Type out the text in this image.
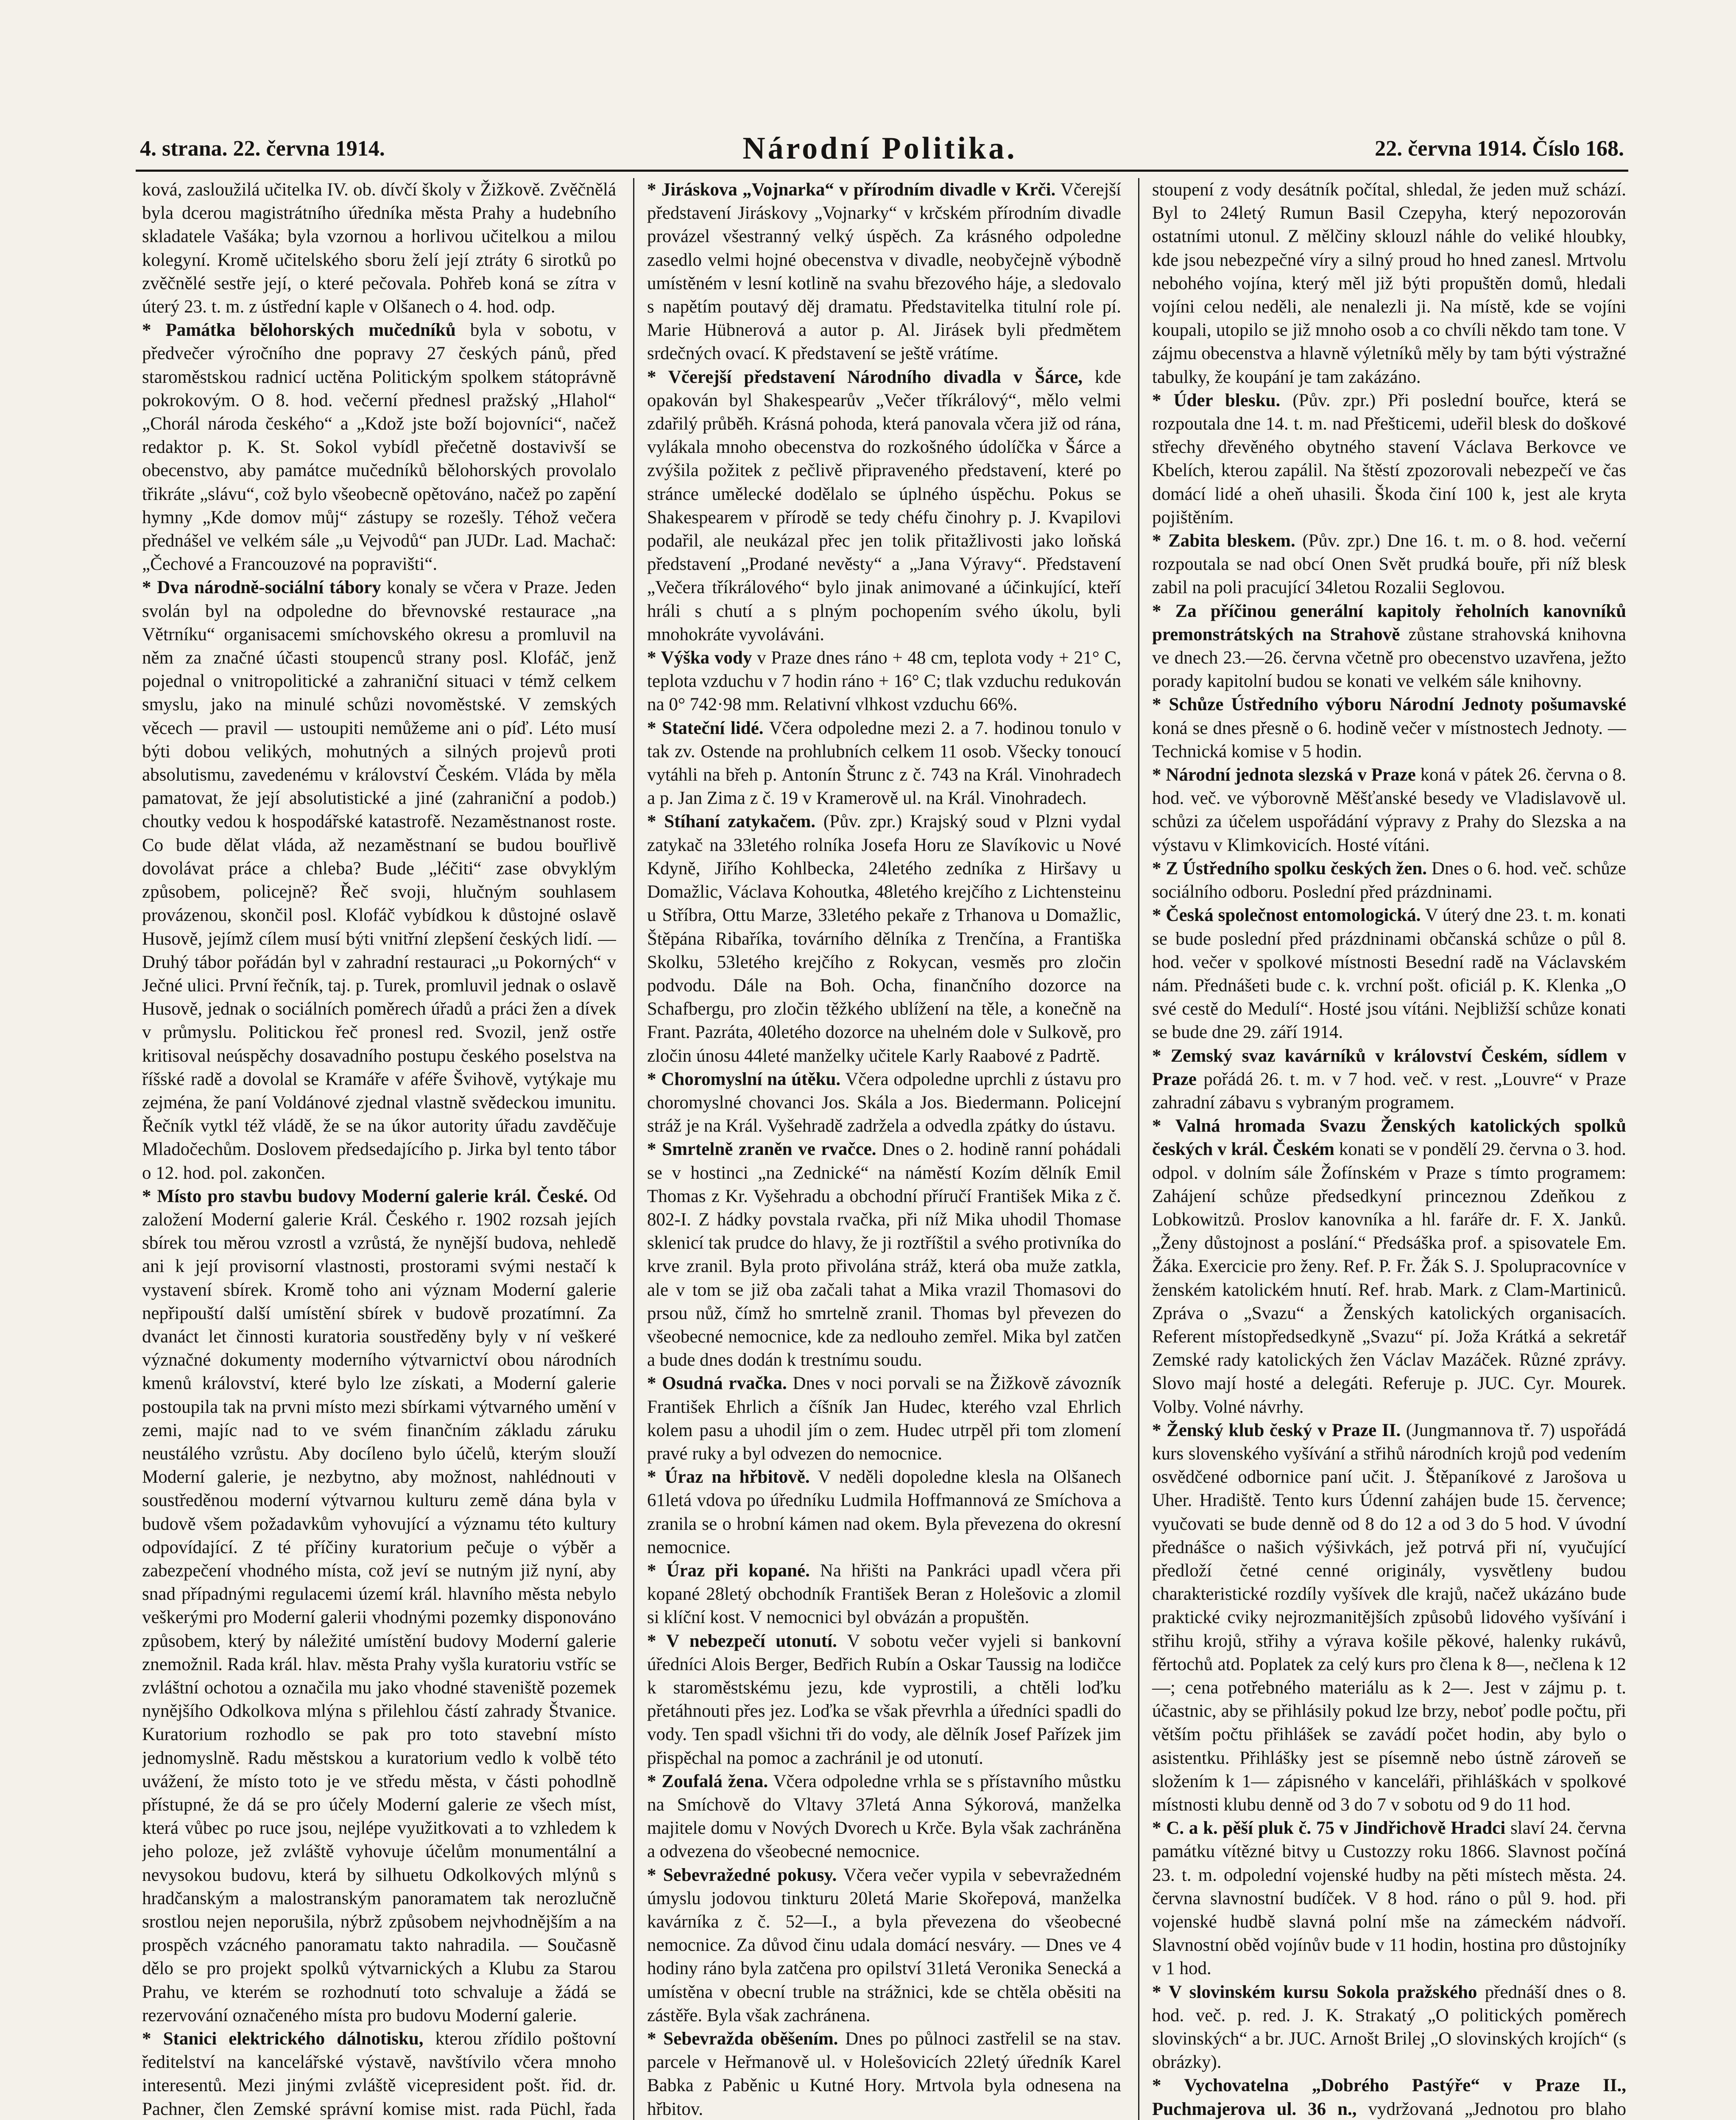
4. strana. 22. června 1914.	Národní Politika.	22. června 1914. Číslo 168.

ková, zasloužilá učitelka IV. ob. dívčí školy v Žižkově. Zvěčnělá byla dcerou magistrátního úředníka města Prahy a hudebního skladatele Vašáka; byla vzornou a horlivou učitelkou a milou kolegyní. Kromě učitelského sboru želí její ztráty 6 sirotků po zvěčnělé sestře její, o které pečovala. Pohřeb koná se zítra v úterý 23. t. m. z ústřední kaple v Olšanech o 4. hod. odp.

* Památka bělohorských mučedníků byla v sobotu, v předvečer výročního dne popravy 27 českých pánů, před staroměstskou radnicí uctěna Politickým spolkem státoprávně pokrokovým. O 8. hod. večerní přednesl pražský „Hlahol“ „Chorál národa českého“ a „Kdož jste boží bojovníci“, načež redaktor p. K. St. Sokol vybídl přečetně dostavivší se obecenstvo, aby památce mučedníků bělohorských provolalo třikráte „slávu“, což bylo všeobecně opětováno, načež po zapění hymny „Kde domov můj“ zástupy se rozešly. Téhož večera přednášel ve velkém sále „u Vejvodů“ pan JUDr. Lad. Machač: „Čechové a Francouzové na popravišti“.

* Dva národně-sociální tábory konaly se včera v Praze. Jeden svolán byl na odpoledne do břevnovské restaurace „na Větrníku“ organisacemi smíchovského okresu a promluvil na něm za značné účasti stoupenců strany posl. Klofáč, jenž pojednal o vnitropolitické a zahraniční situaci v témž celkem smyslu, jako na minulé schůzi novoměstské. V zemských věcech — pravil — ustoupiti nemůžeme ani o píď. Léto musí býti dobou velikých, mohutných a silných projevů proti absolutismu, zavedenému v království Českém. Vláda by měla pamatovat, že její absolutistické a jiné (zahraniční a podob.) choutky vedou k hospodářské katastrofě. Nezaměstnanost roste. Co bude dělat vláda, až nezaměstnaní se budou bouřlivě dovolávat práce a chleba? Bude „léčiti“ zase obvyklým způsobem, policejně? Řeč svoji, hlučným souhlasem provázenou, skončil posl. Klofáč vybídkou k důstojné oslavě Husově, jejímž cílem musí býti vnitřní zlepšení českých lidí. — Druhý tábor pořádán byl v zahradní restauraci „u Pokorných“ v Ječné ulici. První řečník, taj. p. Turek, promluvil jednak o oslavě Husově, jednak o sociálních poměrech úřadů a práci žen a dívek v průmyslu. Politickou řeč pronesl red. Svozil, jenž ostře kritisoval neúspěchy dosavadního postupu českého poselstva na říšské radě a dovolal se Kramáře v aféře Švihově, vytýkaje mu zejména, že paní Voldánové zjednal vlastně svědeckou imunitu. Řečník vytkl též vládě, že se na úkor autority úřadu zavděčuje Mladočechům. Doslovem předsedajícího p. Jirka byl tento tábor o 12. hod. pol. zakončen.

* Místo pro stavbu budovy Moderní galerie král. České. Od založení Moderní galerie Král. Českého r. 1902 rozsah jejích sbírek tou měrou vzrostl a vzrůstá, že nynější budova, nehledě ani k její provisorní vlastnosti, prostorami svými nestačí k vystavení sbírek. Kromě toho ani význam Moderní galerie nepřipouští další umístění sbírek v budově prozatímní. Za dvanáct let činnosti kuratoria soustředěny byly v ní veškeré význačné dokumenty moderního výtvarnictví obou národních kmenů království, které bylo lze získati, a Moderní galerie postoupila tak na prvni místo mezi sbírkami výtvarného umění v zemi, majíc nad to ve svém finančním základu záruku neustálého vzrůstu. Aby docíleno bylo účelů, kterým slouží Moderní galerie, je nezbytno, aby možnost, nahlédnouti v soustředěnou moderní výtvarnou kulturu země dána byla v budově všem požadavkům vyhovující a významu této kultury odpovídající. Z té příčiny kuratorium pečuje o výběr a zabezpečení vhodného místa, což jeví se nutným již nyní, aby snad případnými regulacemi území král. hlavního města nebylo veškerými pro Moderní galerii vhodnými pozemky disponováno způsobem, který by náležité umístění budovy Moderní galerie znemožnil. Rada král. hlav. města Prahy vyšla kuratoriu vstříc se zvláštní ochotou a označila mu jako vhodné staveniště pozemek nynějšího Odkolkova mlýna s přilehlou částí zahrady Štvanice. Kuratorium rozhodlo se pak pro toto stavební místo jednomyslně. Radu městskou a kuratorium vedlo k volbě této uvážení, že místo toto je ve středu města, v části pohodlně přístupné, že dá se pro účely Moderní galerie ze všech míst, která vůbec po ruce jsou, nejlépe využitkovati a to vzhledem k jeho poloze, jež zvláště vyhovuje účelům monumentální a nevysokou budovu, která by silhuetu Odkolkových mlýnů s hradčanským a malostranským panoramatem tak nerozlučně srostlou nejen neporušila, nýbrž způsobem nejvhodnějším a na prospěch vzácného panoramatu takto nahradila. — Současně dělo se pro projekt spolků výtvarnických a Klubu za Starou Prahu, ve kterém se rozhodnutí toto schvaluje a žádá se rezervování označeného místa pro budovu Moderní galerie.

* Stanici elektrického dálnotisku, kterou zřídilo poštovní ředitelství na kancelářské výstavě, navštívilo včera mnoho interesentů. Mezi jinými zvláště vicepresident pošt. řid. dr. Pachner, člen Zemské správní komise mist. rada Püchl, řada

* Jiráskova „Vojnarka“ v přírodním divadle v Krči. Včerejší představení Jiráskovy „Vojnarky“ v krčském přírodním divadle provázel všestranný velký úspěch. Za krásného odpoledne zasedlo velmi hojné obecenstva v divadle, neobyčejně výbodně umístěném v lesní kotlině na svahu březového háje, a sledovalo s napětím poutavý děj dramatu. Představitelka titulní role pí. Marie Hübnerová a autor p. Al. Jirásek byli předmětem srdečných ovací. K představení se ještě vrátíme.

* Včerejší představení Národního divadla v Šárce, kde opakován byl Shakespearův „Večer tříkrálový“, mělo velmi zdařilý průběh. Krásná pohoda, která panovala včera již od rána, vylákala mnoho obecenstva do rozkošného údolíčka v Šárce a zvýšila požitek z pečlivě připraveného představení, které po stránce umělecké dodělalo se úplného úspěchu. Pokus se Shakespearem v přírodě se tedy chéfu činohry p. J. Kvapilovi podařil, ale neukázal přec jen tolik přitažlivosti jako loňská představení „Prodané nevěsty“ a „Jana Výravy“. Představení „Večera tříkrálového“ bylo jinak animované a účinkující, kteří hráli s chutí a s plným pochopením svého úkolu, byli mnohokráte vyvoláváni.

* Výška vody v Praze dnes ráno + 48 cm, teplota vody + 21° C, teplota vzduchu v 7 hodin ráno + 16° C; tlak vzduchu redukován na 0° 742·98 mm. Relativní vlhkost vzduchu 66%.

* Stateční lidé. Včera odpoledne mezi 2. a 7. hodinou tonulo v tak zv. Ostende na prohlubních celkem 11 osob. Všecky tonoucí vytáhli na břeh p. Antonín Štrunc z č. 743 na Král. Vinohradech a p. Jan Zima z č. 19 v Kramerově ul. na Král. Vinohradech.

* Stíhaní zatykačem. (Pův. zpr.) Krajský soud v Plzni vydal zatykač na 33letého rolníka Josefa Horu ze Slavíkovic u Nové Kdyně, Jiřího Kohlbecka, 24letého zedníka z Hiršavy u Domažlic, Václava Kohoutka, 48letého krejčího z Lichtensteinu u Stříbra, Ottu Marze, 33letého pekaře z Trhanova u Domažlic, Štěpána Ribaříka, továrního dělníka z Trenčína, a Františka Skolku, 53letého krejčího z Rokycan, vesměs pro zločin podvodu. Dále na Boh. Ocha, finančního dozorce na Schafbergu, pro zločin těžkého ublížení na těle, a konečně na Frant. Pazráta, 40letého dozorce na uhelném dole v Sulkově, pro zločin únosu 44leté manželky učitele Karly Raabové z Padrtě.

* Choromyslní na útěku. Včera odpoledne uprchli z ústavu pro choromyslné chovanci Jos. Skála a Jos. Biedermann. Policejní stráž je na Král. Vyšehradě zadržela a odvedla zpátky do ústavu.

* Smrtelně zraněn ve rvačce. Dnes o 2. hodině ranní pohádali se v hostinci „na Zednické“ na náměstí Kozím dělník Emil Thomas z Kr. Vyšehradu a obchodní příručí František Mika z č. 802-I. Z hádky povstala rvačka, při níž Mika uhodil Thomase sklenicí tak prudce do hlavy, že ji roztříštil a svého protivníka do krve zranil. Byla proto přivolána stráž, která oba muže zatkla, ale v tom se již oba začali tahat a Mika vrazil Thomasovi do prsou nůž, čímž ho smrtelně zranil. Thomas byl převezen do všeobecné nemocnice, kde za nedlouho zemřel. Mika byl zatčen a bude dnes dodán k trestnímu soudu.

* Osudná rvačka. Dnes v noci porvali se na Žižkově závozník František Ehrlich a číšník Jan Hudec, kterého vzal Ehrlich kolem pasu a uhodil jím o zem. Hudec utrpěl při tom zlomení pravé ruky a byl odvezen do nemocnice.

* Úraz na hřbitově. V neděli dopoledne klesla na Olšanech 61letá vdova po úředníku Ludmila Hoffmannová ze Smíchova a zranila se o hrobní kámen nad okem. Byla převezena do okresní nemocnice.

* Úraz při kopané. Na hřišti na Pankráci upadl včera při kopané 28letý obchodník František Beran z Holešovic a zlomil si klíční kost. V nemocnici byl obvázán a propuštěn.

* V nebezpečí utonutí. V sobotu večer vyjeli si bankovní úředníci Alois Berger, Bedřich Rubín a Oskar Taussig na lodičce k staroměstskému jezu, kde vyprostili, a chtěli loďku přetáhnouti přes jez. Loďka se však převrhla a úředníci spadli do vody. Ten spadl všichni tři do vody, ale dělník Josef Pařízek jim přispěchal na pomoc a zachránil je od utonutí.

* Zoufalá žena. Včera odpoledne vrhla se s přístavního můstku na Smíchově do Vltavy 37letá Anna Sýkorová, manželka majitele domu v Nových Dvorech u Krče. Byla však zachráněna a odvezena do všeobecné nemocnice.

* Sebevražedné pokusy. Včera večer vypila v sebevražedném úmyslu jodovou tinkturu 20letá Marie Skořepová, manželka kavárníka z č. 52—I., a byla převezena do všeobecné nemocnice. Za důvod činu udala domácí nesváry. — Dnes ve 4 hodiny ráno byla zatčena pro opilství 31letá Veronika Senecká a umístěna v obecní truble na strážnici, kde se chtěla oběsiti na zástěře. Byla však zachránena.

* Sebevražda oběšením. Dnes po půlnoci zastřelil se na stav. parcele v Heřmanově ul. v Holešovicích 22letý úředník Karel Babka z Paběnic u Kutné Hory. Mrtvola byla odnesena na hřbitov.

stoupení z vody desátník počítal, shledal, že jeden muž schází. Byl to 24letý Rumun Basil Czepyha, který nepozorován ostatními utonul. Z mělčiny sklouzl náhle do veliké hloubky, kde jsou nebezpečné víry a silný proud ho hned zanesl. Mrtvolu nebohého vojína, který měl již býti propuštěn domů, hledali vojíni celou neděli, ale nenalezli ji. Na místě, kde se vojíni koupali, utopilo se již mnoho osob a co chvíli někdo tam tone. V zájmu obecenstva a hlavně výletníků měly by tam býti výstražné tabulky, že koupání je tam zakázáno.

* Úder blesku. (Pův. zpr.) Při poslední bouřce, která se rozpoutala dne 14. t. m. nad Přešticemi, udeřil blesk do doškové střechy dřevěného obytného stavení Václava Berkovce ve Kbelích, kterou zapálil. Na štěstí zpozorovali nebezpečí ve čas domácí lidé a oheň uhasili. Škoda činí 100 k, jest ale kryta pojištěním.

* Zabita bleskem. (Pův. zpr.) Dne 16. t. m. o 8. hod. večerní rozpoutala se nad obcí Onen Svět prudká bouře, při níž blesk zabil na poli pracující 34letou Rozalii Seglovou.

* Za příčinou generální kapitoly řeholních kanovníků premonstrátských na Strahově zůstane strahovská knihovna ve dnech 23.—26. června včetně pro obecenstvo uzavřena, ježto porady kapitolní budou se konati ve velkém sále knihovny.

* Schůze Ústředního výboru Národní Jednoty pošumavské koná se dnes přesně o 6. hodině večer v místnostech Jednoty. — Technická komise v 5 hodin.

* Národní jednota slezská v Praze koná v pátek 26. června o 8. hod. več. ve výborovně Měšťanské besedy ve Vladislavově ul. schůzi za účelem uspořádání výpravy z Prahy do Slezska a na výstavu v Klimkovicích. Hosté vítáni.

* Z Ústředního spolku českých žen. Dnes o 6. hod. več. schůze sociálního odboru. Poslední před prázdninami.

* Česká společnost entomologická. V úterý dne 23. t. m. konati se bude poslední před prázdninami občanská schůze o půl 8. hod. večer v spolkové místnosti Besední radě na Václavském nám. Přednášeti bude c. k. vrchní pošt. oficiál p. K. Klenka „O své cestě do Medulí“. Hosté jsou vítáni. Nejbližší schůze konati se bude dne 29. září 1914.

* Zemský svaz kavárníků v království Českém, sídlem v Praze pořádá 26. t. m. v 7 hod. več. v rest. „Louvre“ v Praze zahradní zábavu s vybraným programem.

* Valná hromada Svazu Ženských katolických spolků českých v král. Českém konati se v pondělí 29. června o 3. hod. odpol. v dolním sále Žofínském v Praze s tímto programem: Zahájení schůze předsedkyní princeznou Zdeňkou z Lobkowitzů. Proslov kanovníka a hl. faráře dr. F. X. Janků. „Ženy důstojnost a poslání.“ Předsáška prof. a spisovatele Em. Žáka. Exercicie pro ženy. Ref. P. Fr. Žák S. J. Spolupracovníce v ženském katolickém hnutí. Ref. hrab. Mark. z Clam-Martiniců. Zpráva o „Svazu“ a Ženských katolických organisacích. Referent místopředsedkyně „Svazu“ pí. Joža Krátká a sekretář Zemské rady katolických žen Václav Mazáček. Různé zprávy. Slovo mají hosté a delegáti. Referuje p. JUC. Cyr. Mourek. Volby. Volné návrhy.

* Ženský klub český v Praze II. (Jungmannova tř. 7) uspořádá kurs slovenského vyšívání a střihů národních krojů pod vedením osvědčené odbornice paní učit. J. Štěpaníkové z Jarošova u Uher. Hradiště. Tento kurs Údenní zahájen bude 15. července; vyučovati se bude denně od 8 do 12 a od 3 do 5 hod. V úvodní přednášce o našich výšivkách, jež potrvá při ní, vyučující předloží četné cenné originály, vysvětleny budou charakteristické rozdíly vyšívek dle krajů, načež ukázáno bude praktické cviky nejrozmanitějších způsobů lidového vyšívání i střihu krojů, střihy a výrava košile pěkové, halenky rukávů, fěrtochů atd. Poplatek za celý kurs pro člena k 8—, nečlena k 12—; cena potřebného materiálu as k 2—. Jest v zájmu p. t. účastnic, aby se přihlásily pokud lze brzy, neboť podle počtu, při větším počtu přihlášek se zavádí počet hodin, aby bylo o asistentku. Přihlášky jest se písemně nebo ústně zároveň se složením k 1— zápisného v kanceláři, přihláškách v spolkové místnosti klubu denně od 3 do 7 v sobotu od 9 do 11 hod.

* C. a k. pěší pluk č. 75 v Jindřichově Hradci slaví 24. června památku vítězné bitvy u Custozzy roku 1866. Slavnost počíná 23. t. m. odpolední vojenské hudby na pěti místech města. 24. června slavnostní budíček. V 8 hod. ráno o půl 9. hod. při vojenské hudbě slavná polní mše na zámeckém nádvoří. Slavnostní oběd vojínův bude v 11 hodin, hostina pro důstojníky v 1 hod.

* V slovinském kursu Sokola pražského přednáší dnes o 8. hod. več. p. red. J. K. Strakatý „O politických poměrech slovinských“ a br. JUC. Arnošt Brilej „O slovinských krojích“ (s obrázky).

* Vychovatelna „Dobrého Pastýře“ v Praze II., Puchmajerova ul. 36 n., vydržovaná „Jednotou pro blaho
